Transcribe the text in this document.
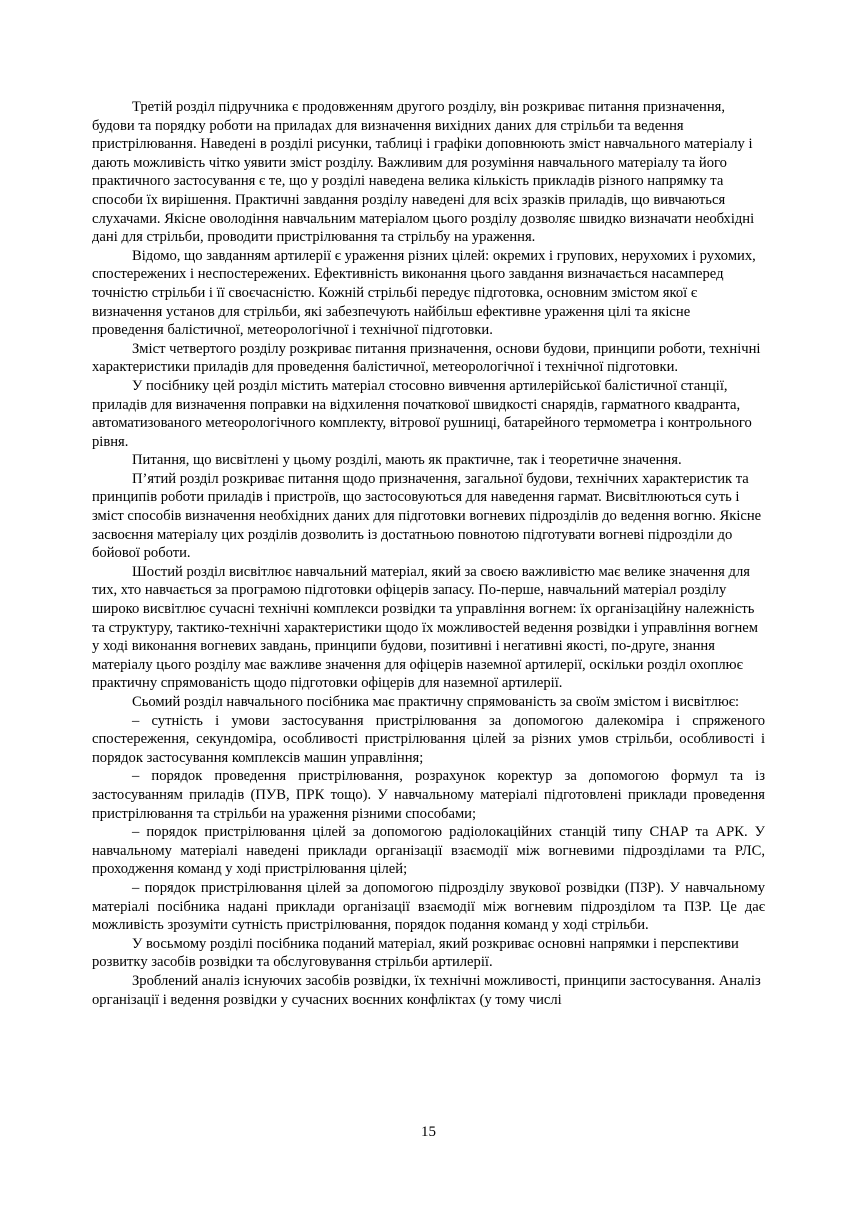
Третій розділ підручника є продовженням другого розділу, він розкриває питання призначення, будови та порядку роботи на приладах для визначення вихідних даних для стрільби та ведення пристрілювання. Наведені в розділі рисунки, таблиці і графіки доповнюють зміст навчального матеріалу і дають можливість чітко уявити зміст розділу. Важливим для розуміння навчального матеріалу та його практичного застосування є те, що у розділі наведена велика кількість прикладів різного напрямку та способи їх вирішення. Практичні завдання розділу наведені для всіх зразків приладів, що вивчаються слухачами. Якісне оволодіння навчальним матеріалом цього розділу дозволяє швидко визначати необхідні дані для стрільби, проводити пристрілювання та стрільбу на ураження.

Відомо, що завданням артилерії є ураження різних цілей: окремих і групових, нерухомих і рухомих, спостережених і неспостережених. Ефективність виконання цього завдання визначається насамперед точністю стрільби і її своєчасністю. Кожній стрільбі передує підготовка, основним змістом якої є визначення установ для стрільби, які забезпечують найбільш ефективне ураження цілі та якісне проведення балістичної, метеорологічної і технічної підготовки.

Зміст четвертого розділу розкриває питання призначення, основи будови, принципи роботи, технічні характеристики приладів для проведення балістичної, метеорологічної і технічної підготовки.

У посібнику цей розділ містить матеріал стосовно вивчення артилерійської балістичної станції, приладів для визначення поправки на відхилення початкової швидкості снарядів, гарматного квадранта, автоматизованого метеорологічного комплекту, вітрової рушниці, батарейного термометра і контрольного рівня.

Питання, що висвітлені у цьому розділі, мають як практичне, так і теоретичне значення.

П’ятий розділ розкриває питання щодо призначення, загальної будови, технічних характеристик та принципів роботи приладів і пристроїв, що застосовуються для наведення гармат. Висвітлюються суть і зміст способів визначення необхідних даних для підготовки вогневих підрозділів до ведення вогню. Якісне засвоєння матеріалу цих розділів дозволить із достатньою повнотою підготувати вогневі підрозділи до бойової роботи.

Шостий розділ висвітлює навчальний матеріал, який за своєю важливістю має велике значення для тих, хто навчається за програмою підготовки офіцерів запасу. По-перше, навчальний матеріал розділу широко висвітлює сучасні технічні комплекси розвідки та управління вогнем: їх організаційну належність та структуру, тактико-технічні характеристики щодо їх можливостей ведення розвідки і управління вогнем у ході виконання вогневих завдань, принципи будови, позитивні і негативні якості, по-друге, знання матеріалу цього розділу має важливе значення для офіцерів наземної артилерії, оскільки розділ охоплює практичну спрямованість щодо підготовки офіцерів для наземної артилерії.

Сьомий розділ навчального посібника має практичну спрямованість за своїм змістом і висвітлює:

– сутність і умови застосування пристрілювання за допомогою далекоміра і спряженого спостереження, секундоміра, особливості пристрілювання цілей за різних умов стрільби, особливості і порядок застосування комплексів машин управління;

– порядок проведення пристрілювання, розрахунок коректур за допомогою формул та із застосуванням приладів (ПУВ, ПРК тощо). У навчальному матеріалі підготовлені приклади проведення пристрілювання та стрільби на ураження різними способами;

– порядок пристрілювання цілей за допомогою радіолокаційних станцій типу СНАР та АРК. У навчальному матеріалі наведені приклади організації взаємодії між вогневими підрозділами та РЛС, проходження команд у ході пристрілювання цілей;

– порядок пристрілювання цілей за допомогою підрозділу звукової розвідки (ПЗР). У навчальному матеріалі посібника надані приклади організації взаємодії між вогневим підрозділом та ПЗР. Це дає можливість зрозуміти сутність пристрілювання, порядок подання команд у ході стрільби.

У восьмому розділі посібника поданий матеріал, який розкриває основні напрямки і перспективи розвитку засобів розвідки та обслуговування стрільби артилерії.

Зроблений аналіз існуючих засобів розвідки, їх технічні можливості, принципи застосування. Аналіз організації і ведення розвідки у сучасних воєнних конфліктах (у тому числі

15
